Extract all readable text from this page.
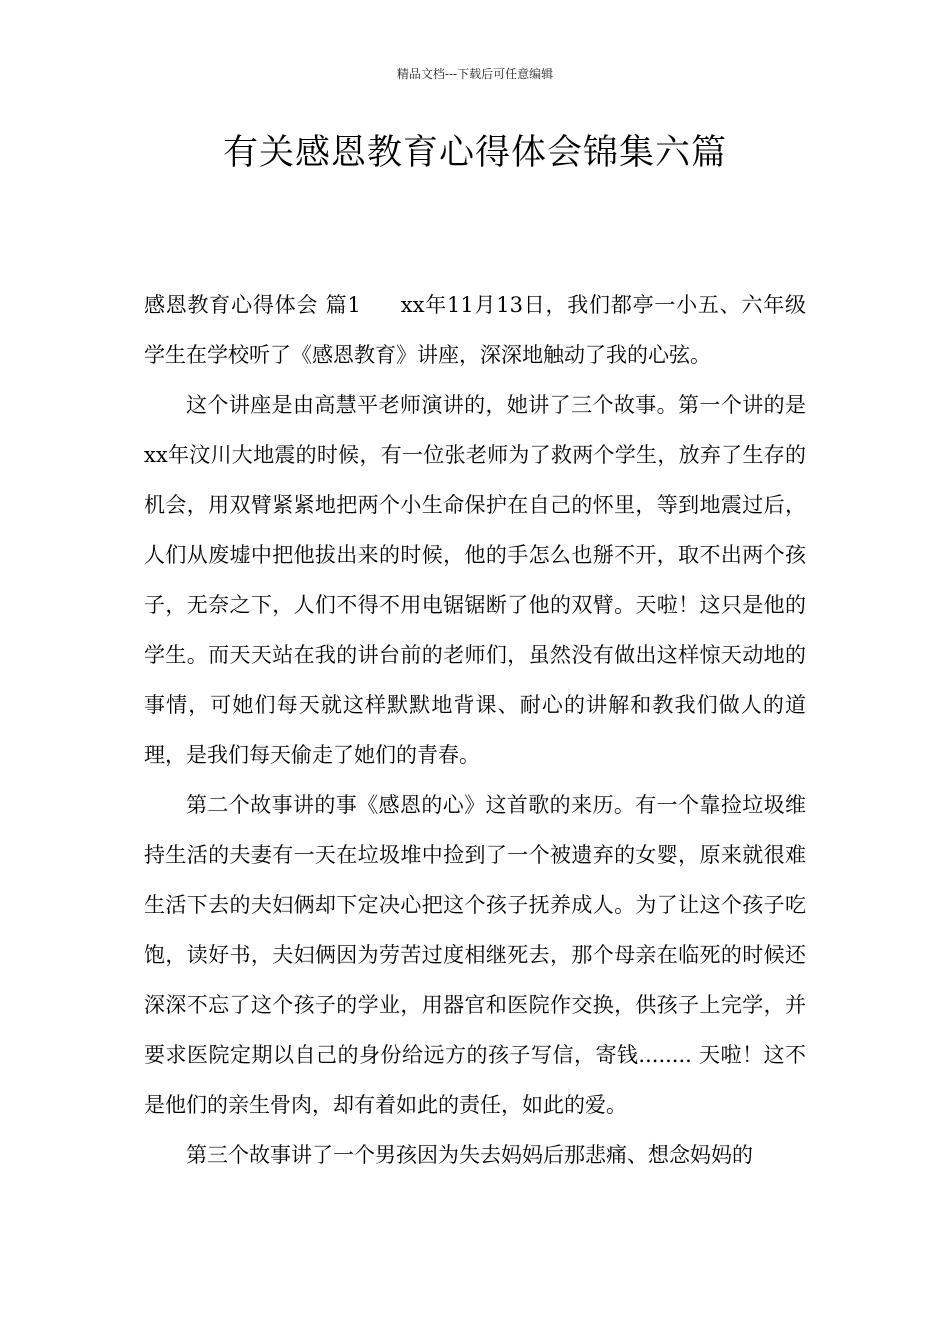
精品文档---下载后可任意编辑
有关感恩教育心得体会锦集六篇

感恩教育心得体会 篇1 xx年11月13日，我们都亭一小五、六年级学生在学校听了《感恩教育》讲座，深深地触动了我的心弦。

这个讲座是由高慧平老师演讲的，她讲了三个故事。第一个讲的是xx年汶川大地震的时候，有一位张老师为了救两个学生，放弃了生存的机会，用双臂紧紧地把两个小生命保护在自己的怀里，等到地震过后，人们从废墟中把他拔出来的时候，他的手怎么也掰不开，取不出两个孩子，无奈之下，人们不得不用电锯锯断了他的双臂。天啦！这只是他的学生。而天天站在我的讲台前的老师们，虽然没有做出这样惊天动地的事情，可她们每天就这样默默地背课、耐心的讲解和教我们做人的道理，是我们每天偷走了她们的青春。

第二个故事讲的事《感恩的心》这首歌的来历。有一个靠捡垃圾维持生活的夫妻有一天在垃圾堆中捡到了一个被遗弃的女婴，原来就很难生活下去的夫妇俩却下定决心把这个孩子抚养成人。为了让这个孩子吃饱，读好书，夫妇俩因为劳苦过度相继死去，那个母亲在临死的时候还深深不忘了这个孩子的学业，用器官和医院作交换，供孩子上完学，并要求医院定期以自己的身份给远方的孩子写信，寄钱........ 天啦！这不是他们的亲生骨肉，却有着如此的责任，如此的爱。

第三个故事讲了一个男孩因为失去妈妈后那悲痛、想念妈妈的
